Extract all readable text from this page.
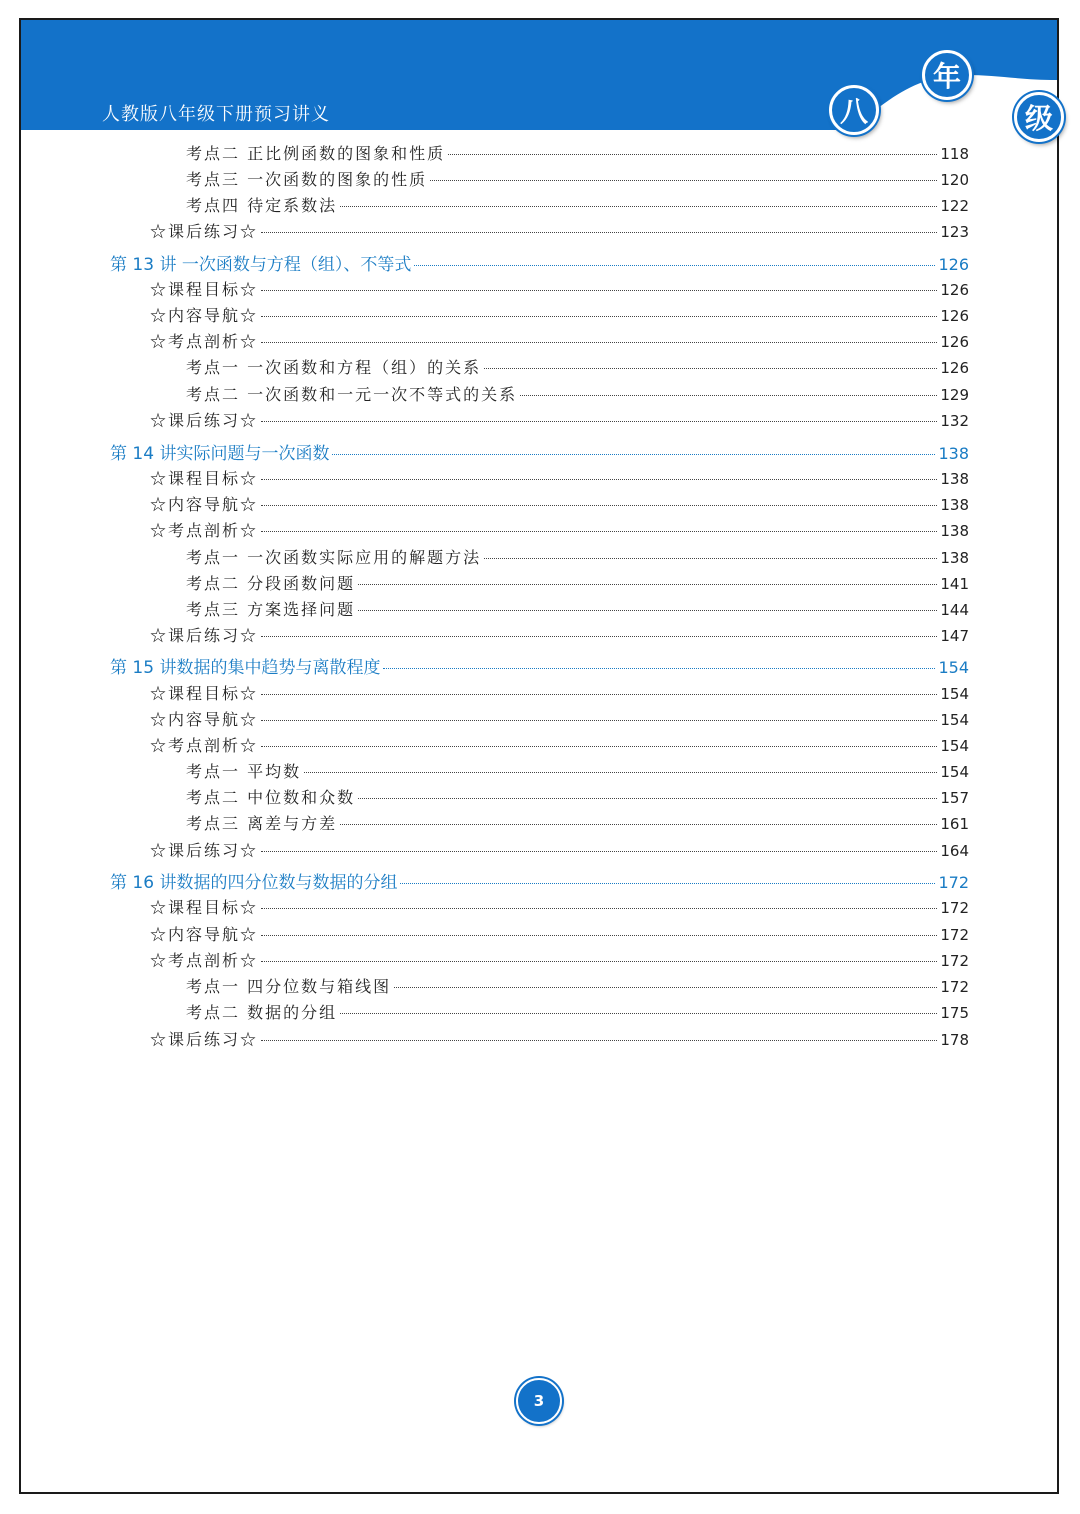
人教版八年级下册预习讲义	八
年
级
考点二 正比例函数的图象和性质	118
考点三 一次函数的图象的性质	120
考点四 待定系数法	122
☆课后练习☆	123
第 13 讲 一次函数与方程（组）、不等式	126
☆课程目标☆	126
☆内容导航☆	126
☆考点剖析☆	126
考点一 一次函数和方程（组）的关系	126
考点二 一次函数和一元一次不等式的关系	129
☆课后练习☆	132
第 14 讲实际问题与一次函数	138
☆课程目标☆	138
☆内容导航☆	138
☆考点剖析☆	138
考点一 一次函数实际应用的解题方法	138
考点二 分段函数问题	141
考点三 方案选择问题	144
☆课后练习☆	147
第 15 讲数据的集中趋势与离散程度	154
☆课程目标☆	154
☆内容导航☆	154
☆考点剖析☆	154
考点一 平均数	154
考点二 中位数和众数	157
考点三 离差与方差	161
☆课后练习☆	164
第 16 讲数据的四分位数与数据的分组	172
☆课程目标☆	172
☆内容导航☆	172
☆考点剖析☆	172
考点一 四分位数与箱线图	172
考点二 数据的分组	175
☆课后练习☆	178
3
